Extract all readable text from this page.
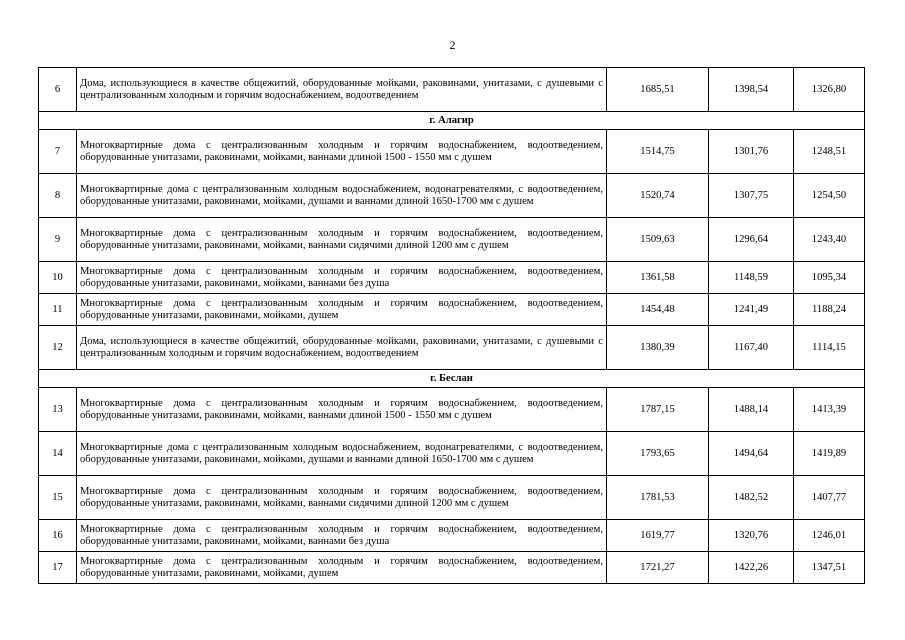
2
6	Дома, использующиеся в качестве общежитий, оборудованные мойками, раковинами, унитазами, с душевыми с централизованным холодным и горячим водоснабжением, водоотведением	1685,51	1398,54	1326,80
г. Алагир				
7	Многоквартирные дома с централизованным холодным и горячим водоснабжением, водоотведением, оборудованные унитазами, раковинами, мойками, ваннами длиной 1500 - 1550 мм с душем	1514,75	1301,76	1248,51
8	Многоквартирные дома с централизованным холодным водоснабжением, водонагревателями, с водоотведением, оборудованные унитазами, раковинами, мойками, душами и ваннами длиной 1650-1700 мм с душем	1520,74	1307,75	1254,50
9	Многоквартирные дома с централизованным холодным и горячим водоснабжением, водоотведением, оборудованные унитазами, раковинами, мойками, ваннами сидячими длиной 1200 мм с душем	1509,63	1296,64	1243,40
10	Многоквартирные дома с централизованным холодным и горячим водоснабжением, водоотведением, оборудованные унитазами, раковинами, мойками, ваннами без душа	1361,58	1148,59	1095,34
11	Многоквартирные дома с централизованным холодным и горячим водоснабжением, водоотведением, оборудованные унитазами, раковинами, мойками, душем	1454,48	1241,49	1188,24
12	Дома, использующиеся в качестве общежитий, оборудованные мойками, раковинами, унитазами, с душевыми с централизованным холодным и горячим водоснабжением, водоотведением	1380,39	1167,40	1114,15
г. Беслан				
13	Многоквартирные дома с централизованным холодным и горячим водоснабжением, водоотведением, оборудованные унитазами, раковинами, мойками, ваннами длиной 1500 - 1550 мм с душем	1787,15	1488,14	1413,39
14	Многоквартирные дома с централизованным холодным водоснабжением, водонагревателями, с водоотведением, оборудованные унитазами, раковинами, мойками, душами и ваннами длиной 1650-1700 мм с душем	1793,65	1494,64	1419,89
15	Многоквартирные дома с централизованным холодным и горячим водоснабжением, водоотведением, оборудованные унитазами, раковинами, мойками, ваннами сидячими длиной 1200 мм с душем	1781,53	1482,52	1407,77
16	Многоквартирные дома с централизованным холодным и горячим водоснабжением, водоотведением, оборудованные унитазами, раковинами, мойками, ваннами без душа	1619,77	1320,76	1246,01
17	Многоквартирные дома с централизованным холодным и горячим водоснабжением, водоотведением, оборудованные унитазами, раковинами, мойками, душем	1721,27	1422,26	1347,51
